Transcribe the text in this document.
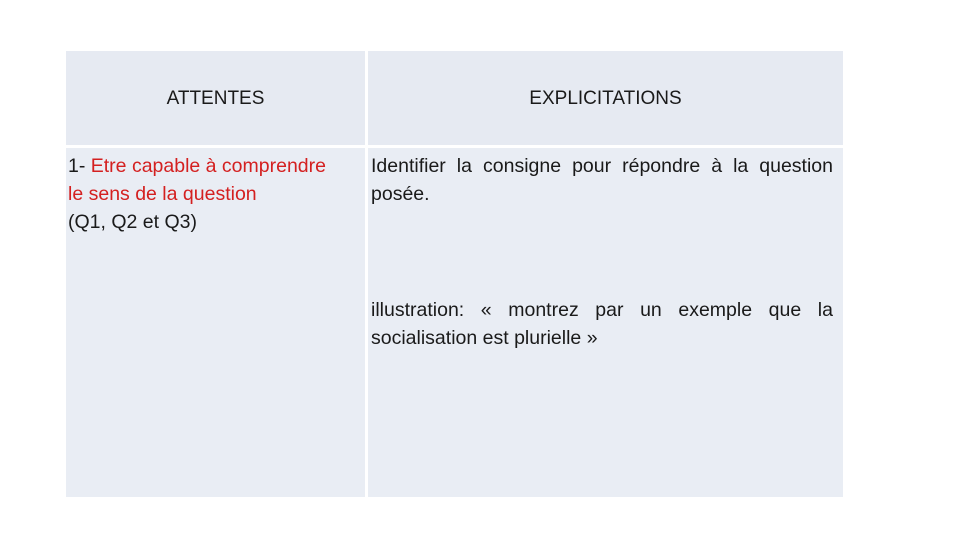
ATTENTES	EXPLICITATIONS
1- Etre capable à comprendre
le sens de la question
(Q1, Q2 et Q3)

Identifier la consigne pour répondre à la question posée.

illustration: « montrez par un exemple que la socialisation est plurielle »
